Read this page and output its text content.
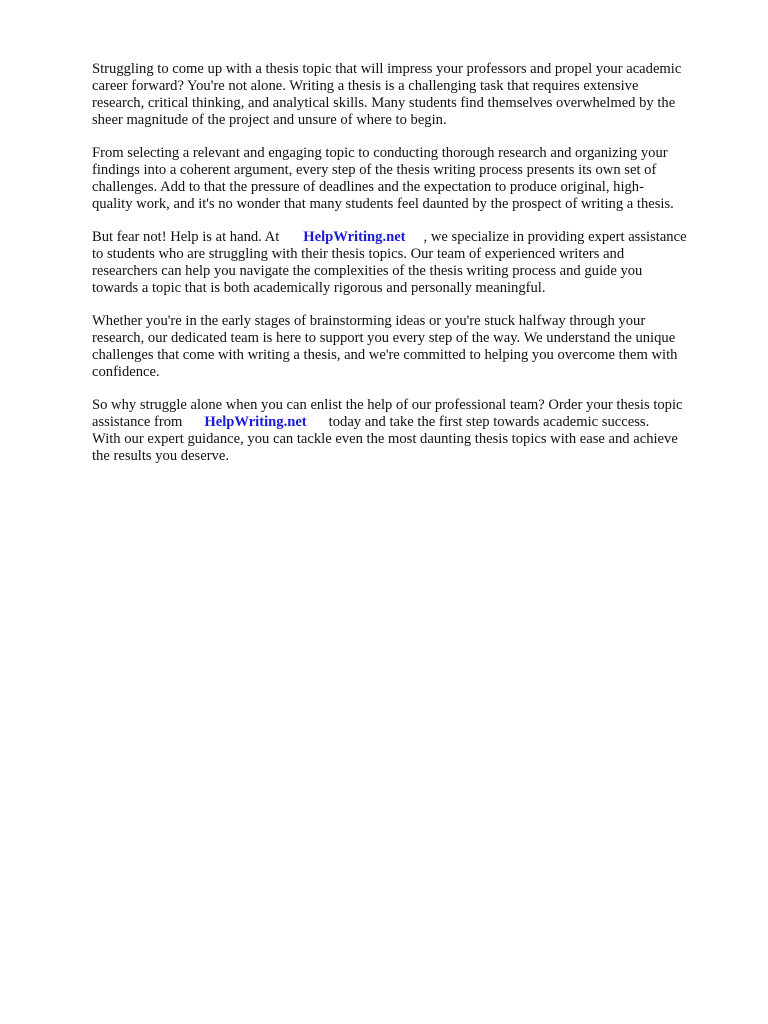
Struggling to come up with a thesis topic that will impress your professors and propel your academic
career forward? You're not alone. Writing a thesis is a challenging task that requires extensive
research, critical thinking, and analytical skills. Many students find themselves overwhelmed by the
sheer magnitude of the project and unsure of where to begin.

From selecting a relevant and engaging topic to conducting thorough research and organizing your
findings into a coherent argument, every step of the thesis writing process presents its own set of
challenges. Add to that the pressure of deadlines and the expectation to produce original, high-
quality work, and it's no wonder that many students feel daunted by the prospect of writing a thesis.

But fear not! Help is at hand. At HelpWriting.net , we specialize in providing expert assistance
to students who are struggling with their thesis topics. Our team of experienced writers and
researchers can help you navigate the complexities of the thesis writing process and guide you
towards a topic that is both academically rigorous and personally meaningful.

Whether you're in the early stages of brainstorming ideas or you're stuck halfway through your
research, our dedicated team is here to support you every step of the way. We understand the unique
challenges that come with writing a thesis, and we're committed to helping you overcome them with
confidence.

So why struggle alone when you can enlist the help of our professional team? Order your thesis topic
assistance from HelpWriting.net today and take the first step towards academic success.
With our expert guidance, you can tackle even the most daunting thesis topics with ease and achieve
the results you deserve.
